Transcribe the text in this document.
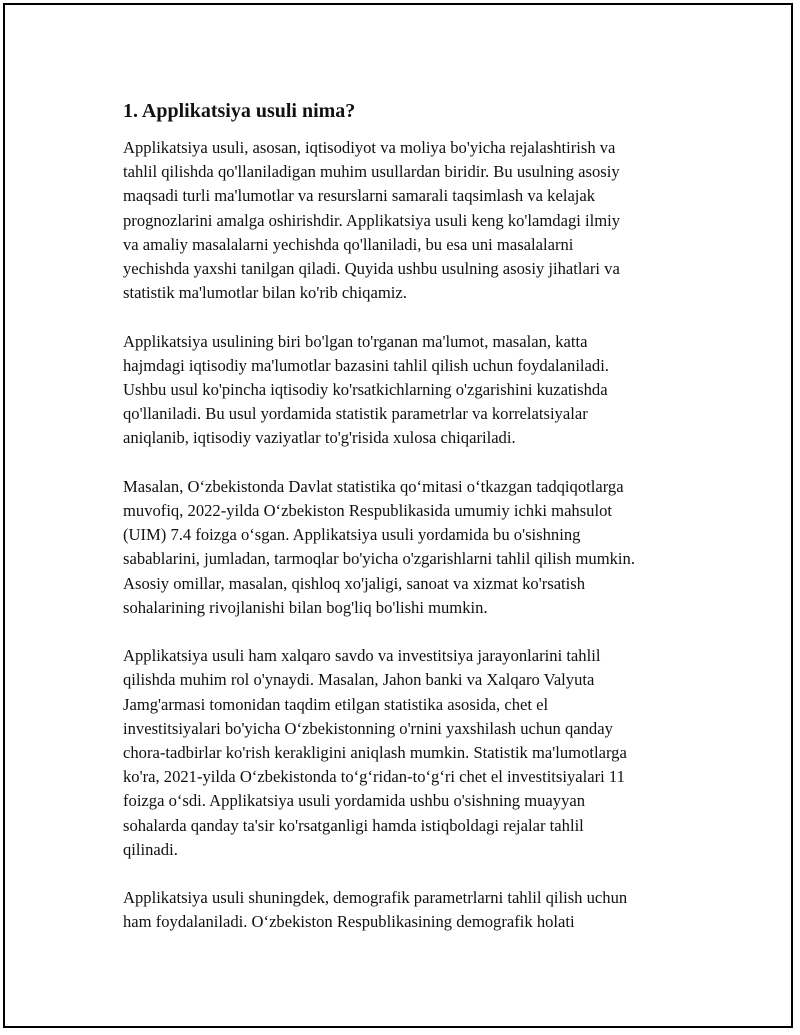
1. Applikatsiya usuli nima?

Applikatsiya usuli, asosan, iqtisodiyot va moliya bo'yicha rejalashtirish va
tahlil qilishda qo'llaniladigan muhim usullardan biridir. Bu usulning asosiy
maqsadi turli ma'lumotlar va resurslarni samarali taqsimlash va kelajak
prognozlarini amalga oshirishdir. Applikatsiya usuli keng ko'lamdagi ilmiy
va amaliy masalalarni yechishda qo'llaniladi, bu esa uni masalalarni
yechishda yaxshi tanilgan qiladi. Quyida ushbu usulning asosiy jihatlari va
statistik ma'lumotlar bilan ko'rib chiqamiz.

Applikatsiya usulining biri bo'lgan to'rganan ma'lumot, masalan, katta
hajmdagi iqtisodiy ma'lumotlar bazasini tahlil qilish uchun foydalaniladi.
Ushbu usul ko'pincha iqtisodiy ko'rsatkichlarning o'zgarishini kuzatishda
qo'llaniladi. Bu usul yordamida statistik parametrlar va korrelatsiyalar
aniqlanib, iqtisodiy vaziyatlar to'g'risida xulosa chiqariladi.

Masalan, O‘zbekistonda Davlat statistika qo‘mitasi o‘tkazgan tadqiqotlarga
muvofiq, 2022-yilda O‘zbekiston Respublikasida umumiy ichki mahsulot
(UIM) 7.4 foizga o‘sgan. Applikatsiya usuli yordamida bu o'sishning
sabablarini, jumladan, tarmoqlar bo'yicha o'zgarishlarni tahlil qilish mumkin.
Asosiy omillar, masalan, qishloq xo'jaligi, sanoat va xizmat ko'rsatish
sohalarining rivojlanishi bilan bog'liq bo'lishi mumkin.

Applikatsiya usuli ham xalqaro savdo va investitsiya jarayonlarini tahlil
qilishda muhim rol o'ynaydi. Masalan, Jahon banki va Xalqaro Valyuta
Jamg'armasi tomonidan taqdim etilgan statistika asosida, chet el
investitsiyalari bo'yicha O‘zbekistonning o'rnini yaxshilash uchun qanday
chora-tadbirlar ko'rish kerakligini aniqlash mumkin. Statistik ma'lumotlarga
ko'ra, 2021-yilda O‘zbekistonda to‘g‘ridan-to‘g‘ri chet el investitsiyalari 11
foizga o‘sdi. Applikatsiya usuli yordamida ushbu o'sishning muayyan
sohalarda qanday ta'sir ko'rsatganligi hamda istiqboldagi rejalar tahlil
qilinadi.

Applikatsiya usuli shuningdek, demografik parametrlarni tahlil qilish uchun
ham foydalaniladi. O‘zbekiston Respublikasining demografik holati
